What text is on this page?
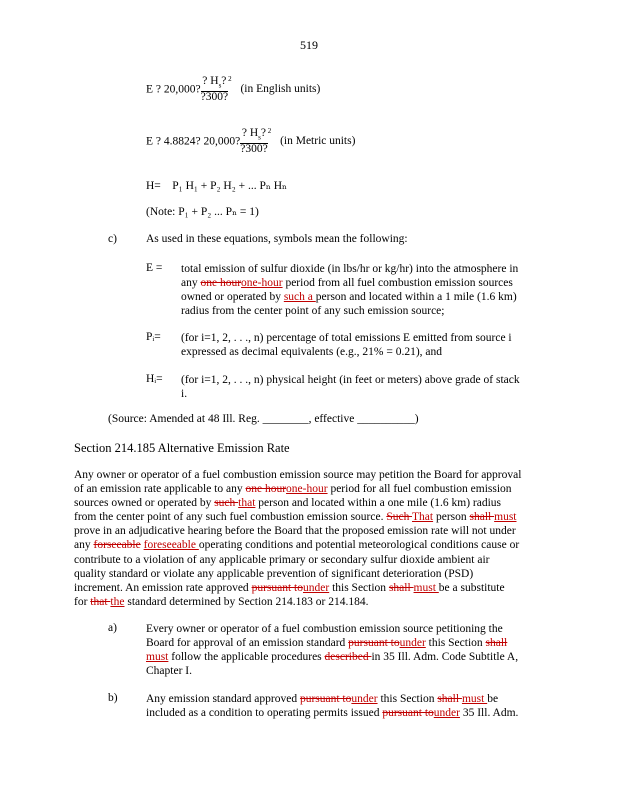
519
E ? 20,000? $\frac{? H_s?}{?300?} ^2$ (in English units)
E ? 4.8824? 20,000? $\frac{? H_s?}{?300?} ^2$ (in Metric units)
H=    P₁ H₁ + P₂ H₂ + ... Pₙ Hₙ
(Note: P₁ + P₂ ... Pₙ = 1)
c)	As used in these equations, symbols mean the following:
E = total emission of sulfur dioxide (in lbs/hr or kg/hr) into the atmosphere in
any one hourone-hour period from all fuel combustion emission sources
owned or operated by such a person and located within a 1 mile (1.6 km)
radius from the center point of any such emission source;
Pᵢ= (for i=1, 2, . . ., n) percentage of total emissions E emitted from source i
expressed as decimal equivalents (e.g., 21% = 0.21), and
Hᵢ= (for i=1, 2, . . ., n) physical height (in feet or meters) above grade of stack
i.
(Source: Amended at 48 Ill. Reg. ________, effective __________)
Section 214.185 Alternative Emission Rate
Any owner or operator of a fuel combustion emission source may petition the Board for approval
of an emission rate applicable to any one hourone-hour period for all fuel combustion emission
sources owned or operated by such that person and located within a one mile (1.6 km) radius
from the center point of any such fuel combustion emission source. Such That person shall must
prove in an adjudicative hearing before the Board that the proposed emission rate will not under
any forseeable foreseeable operating conditions and potential meteorological conditions cause or
contribute to a violation of any applicable primary or secondary sulfur dioxide ambient air
quality standard or violate any applicable prevention of significant deterioration (PSD)
increment. An emission rate approved pursuant tounder this Section shall must be a substitute
for that the standard determined by Section 214.183 or 214.184.
a)	Every owner or operator of a fuel combustion emission source petitioning the
Board for approval of an emission standard pursuant tounder this Section shall
must follow the applicable procedures described in 35 Ill. Adm. Code Subtitle A,
Chapter I.
b) Any emission standard approved pursuant tounder this Section shall must be
included as a condition to operating permits issued pursuant tounder 35 Ill. Adm.
